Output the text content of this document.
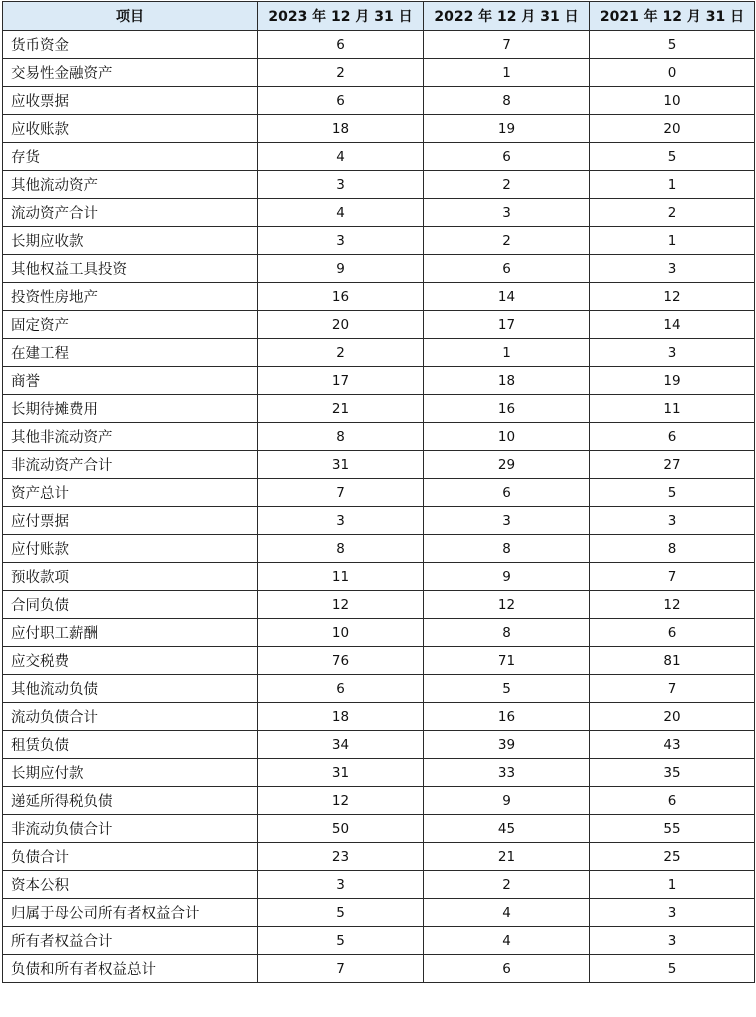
项目	2023 年 12 月 31 日	2022 年 12 月 31 日	2021 年 12 月 31 日
货币资金	6	7	5
交易性金融资产	2	1	0
应收票据	6	8	10
应收账款	18	19	20
存货	4	6	5
其他流动资产	3	2	1
流动资产合计	4	3	2
长期应收款	3	2	1
其他权益工具投资	9	6	3
投资性房地产	16	14	12
固定资产	20	17	14
在建工程	2	1	3
商誉	17	18	19
长期待摊费用	21	16	11
其他非流动资产	8	10	6
非流动资产合计	31	29	27
资产总计	7	6	5
应付票据	3	3	3
应付账款	8	8	8
预收款项	11	9	7
合同负债	12	12	12
应付职工薪酬	10	8	6
应交税费	76	71	81
其他流动负债	6	5	7
流动负债合计	18	16	20
租赁负债	34	39	43
长期应付款	31	33	35
递延所得税负债	12	9	6
非流动负债合计	50	45	55
负债合计	23	21	25
资本公积	3	2	1
归属于母公司所有者权益合计	5	4	3
所有者权益合计	5	4	3
负债和所有者权益总计	7	6	5
